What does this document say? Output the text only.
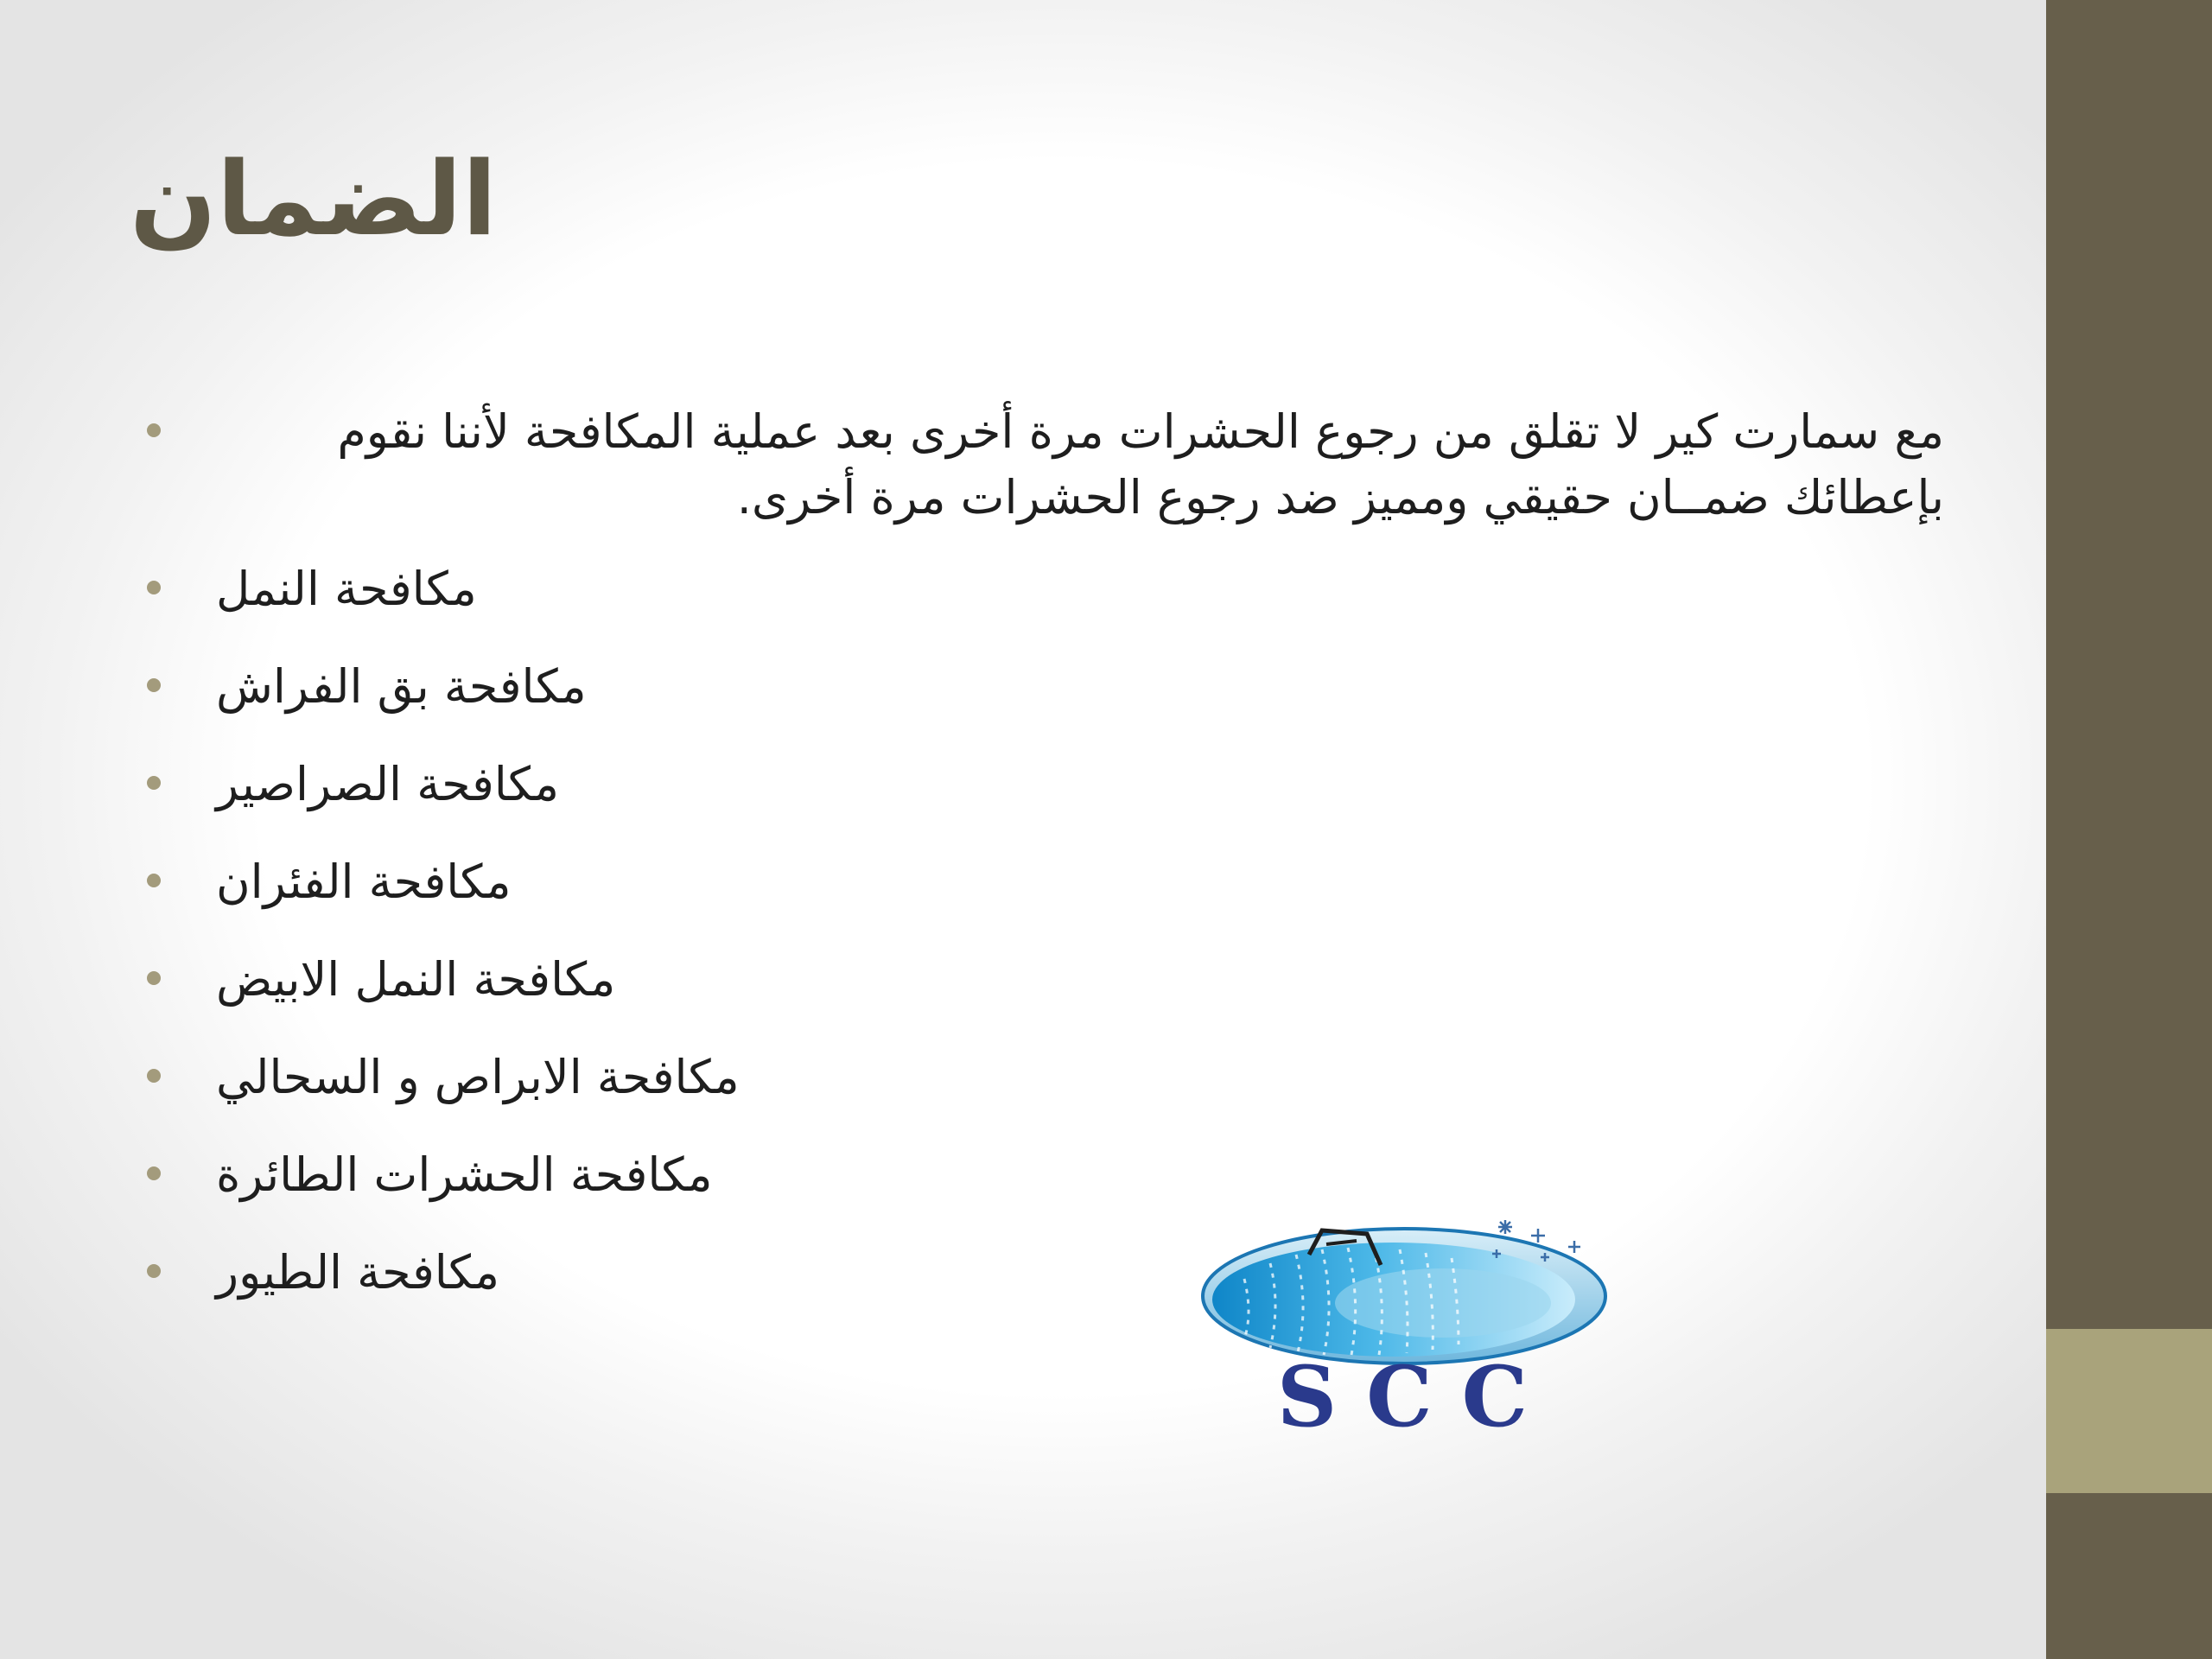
الضمان
مع سمارت كير لا تقلق من رجوع الحشرات مرة أخرى بعد عملية المكافحة لأننا نقوم بإعطائك ضمــان حقيقي ومميز ضد رجوع الحشرات مرة أخرى.
مكافحة النمل
مكافحة بق الفراش
مكافحة الصراصير
مكافحة الفئران
مكافحة النمل الابيض
مكافحة الابراص و السحالي
مكافحة الحشرات الطائرة
مكافحة الطيور
SCC
